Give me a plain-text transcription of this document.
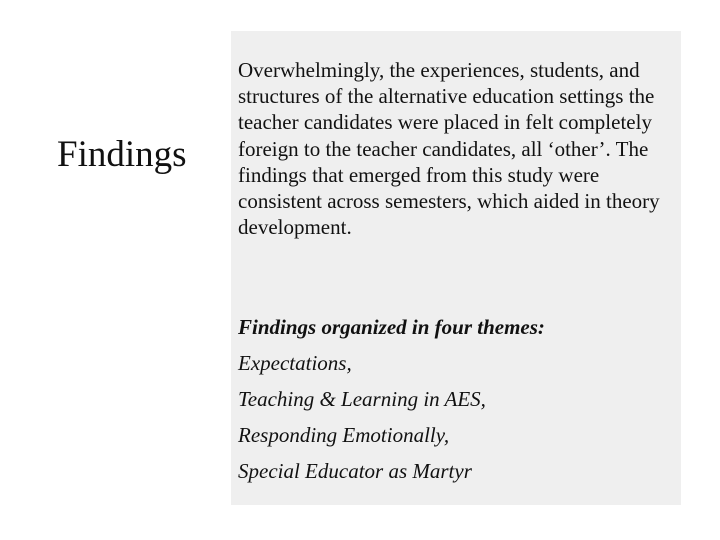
Findings
Overwhelmingly, the experiences, students, and structures of the alternative education settings the teacher candidates were placed in felt completely foreign to the teacher candidates, all ‘other’. The findings that emerged from this study were consistent across semesters, which aided in theory development.
Findings organized in four themes:
Expectations,
Teaching & Learning in AES,
Responding Emotionally,
Special Educator as Martyr
